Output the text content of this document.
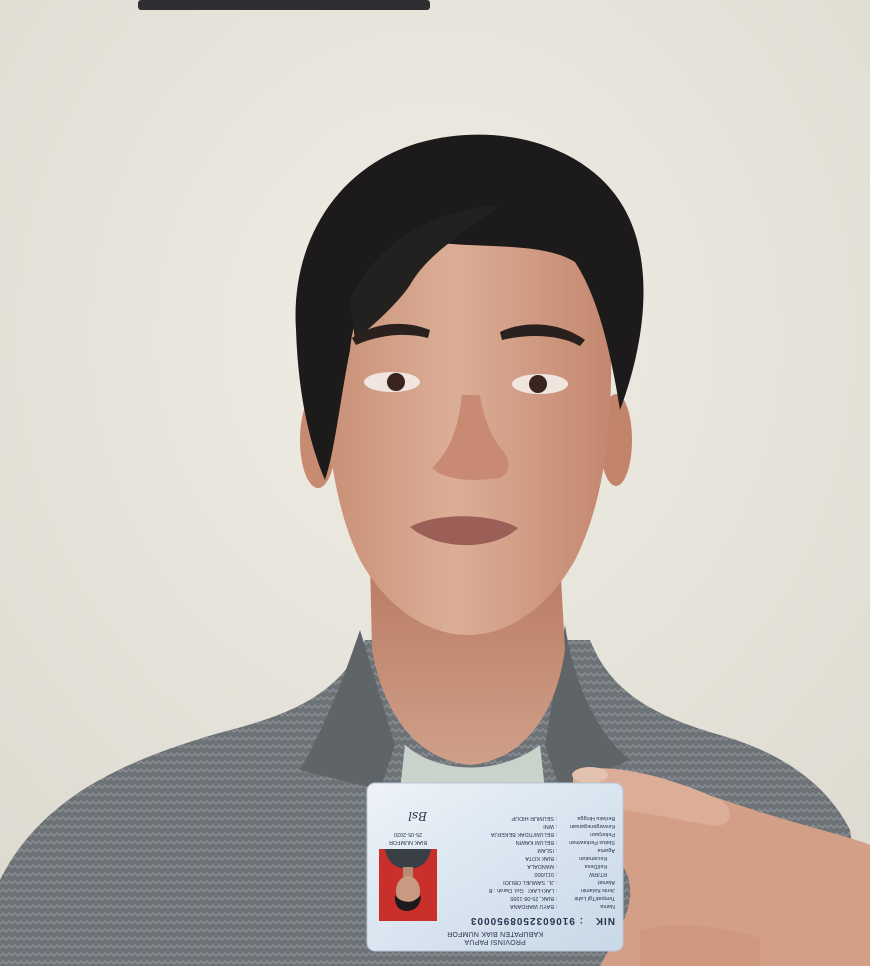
PROVINSI PAPUA
KABUPATEN BIAK NUMFOR
NIK
: 9106032508950003
Nama: BAYU WARDANA
Tempat/Tgl Lahir: BIAK, 25-08-1995
Jenis Kelamin: LAKI-LAKI   Gol. Darah : B
Alamat: JL. SAMUEL OBIJOI
RT/RW: 011/000
Kel/Desa: MANDALA
Kecamatan: BIAK KOTA
Agama: ISLAM
Status Perkawinan: BELUM KAWIN
Pekerjaan: BELUM/TIDAK BEKERJA
Kewarganegaraan: WNI
Berlaku Hingga: SEUMUR HIDUP
BIAK NUMFOR
25-05-2020
Bsl
